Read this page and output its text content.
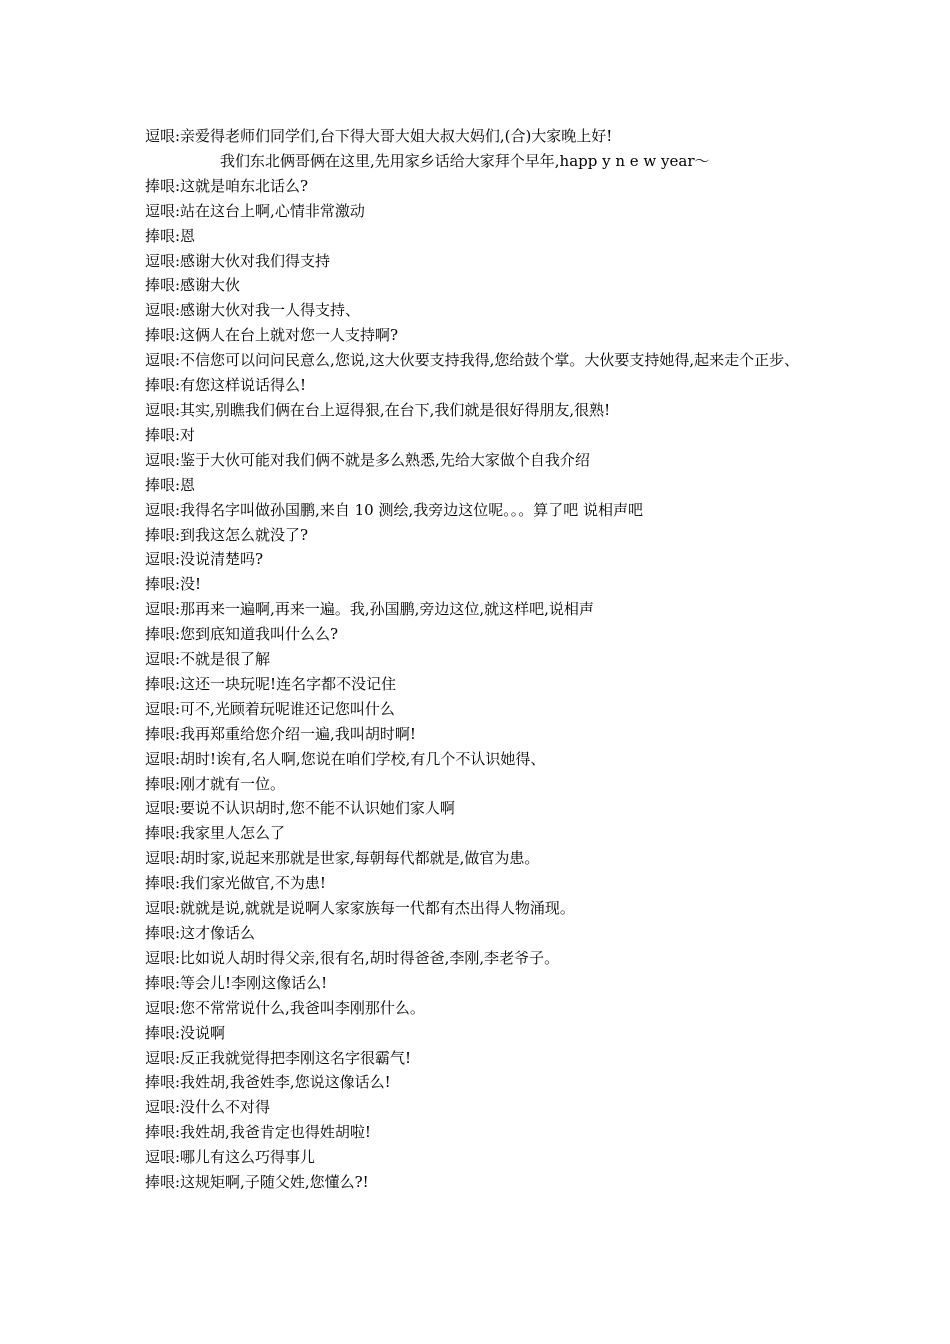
逗哏:亲爱得老师们同学们,台下得大哥大姐大叔大妈们,(合)大家晚上好!
我们东北俩哥俩在这里,先用家乡话给大家拜个早年,happ y n e w year～
捧哏:这就是咱东北话么?
逗哏:站在这台上啊,心情非常激动
捧哏:恩
逗哏:感谢大伙对我们得支持
捧哏:感谢大伙
逗哏:感谢大伙对我一人得支持、
捧哏:这俩人在台上就对您一人支持啊?
逗哏:不信您可以问问民意么,您说,这大伙要支持我得,您给鼓个掌。大伙要支持她得,起来走个正步、
捧哏:有您这样说话得么!
逗哏:其实,别瞧我们俩在台上逗得狠,在台下,我们就是很好得朋友,很熟!
捧哏:对
逗哏:鉴于大伙可能对我们俩不就是多么熟悉,先给大家做个自我介绍
捧哏:恩
逗哏:我得名字叫做孙国鹏,来自 10 测绘,我旁边这位呢。。。算了吧 说相声吧
捧哏:到我这怎么就没了?
逗哏:没说清楚吗?
捧哏:没!
逗哏:那再来一遍啊,再来一遍。我,孙国鹏,旁边这位,就这样吧,说相声
捧哏:您到底知道我叫什么么?
逗哏:不就是很了解
捧哏:这还一块玩呢!连名字都不没记住
逗哏:可不,光顾着玩呢谁还记您叫什么
捧哏:我再郑重给您介绍一遍,我叫胡时啊!
逗哏:胡时!诶有,名人啊,您说在咱们学校,有几个不认识她得、
捧哏:刚才就有一位。
逗哏:要说不认识胡时,您不能不认识她们家人啊
捧哏:我家里人怎么了
逗哏:胡时家,说起来那就是世家,每朝每代都就是,做官为患。
捧哏:我们家光做官,不为患!
逗哏:就就是说,就就是说啊人家家族每一代都有杰出得人物涌现。
捧哏:这才像话么
逗哏:比如说人胡时得父亲,很有名,胡时得爸爸,李刚,李老爷子。
捧哏:等会儿!李刚这像话么!
逗哏:您不常常说什么,我爸叫李刚那什么。
捧哏:没说啊
逗哏:反正我就觉得把李刚这名字很霸气!
捧哏:我姓胡,我爸姓李,您说这像话么!
逗哏:没什么不对得
捧哏:我姓胡,我爸肯定也得姓胡啦!
逗哏:哪儿有这么巧得事儿
捧哏:这规矩啊,子随父姓,您懂么?!
